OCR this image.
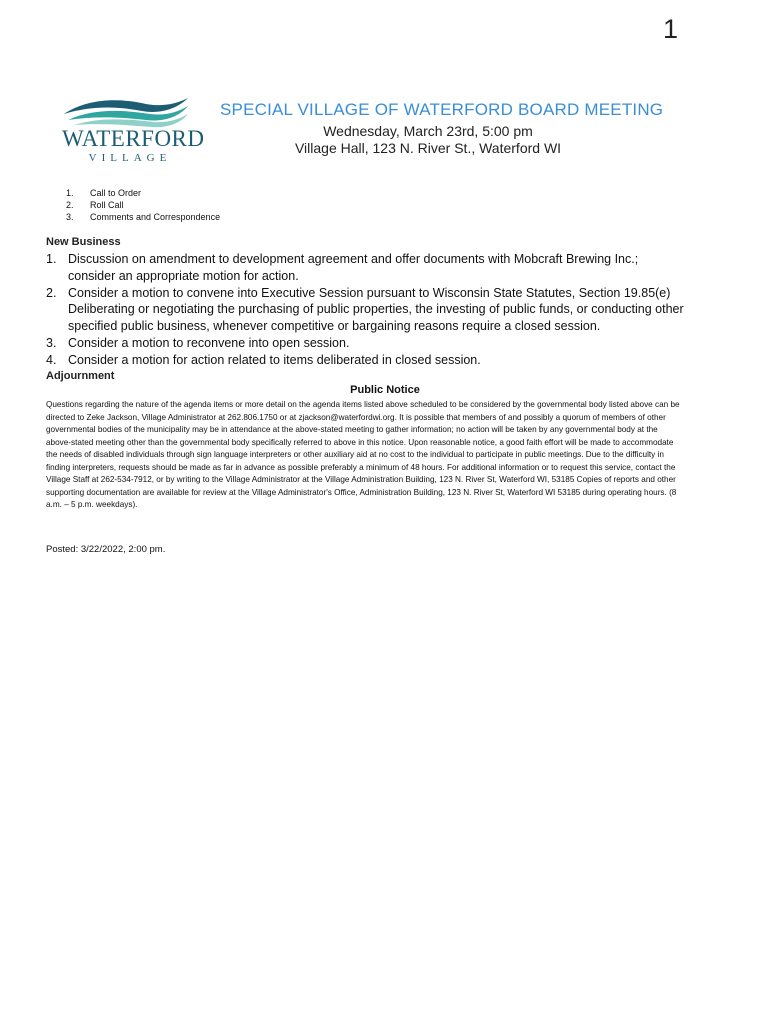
1
WATERFORD
VILLAGE
SPECIAL VILLAGE OF WATERFORD BOARD MEETING
Wednesday, March 23rd, 5:00 pm
Village Hall, 123 N. River St., Waterford WI
1.	Call to Order
2.	Roll Call
3.	Comments and Correspondence
New Business
1. Discussion on amendment to development agreement and offer documents with Mobcraft Brewing Inc.; consider an appropriate motion for action.
2. Consider a motion to convene into Executive Session pursuant to Wisconsin State Statutes, Section 19.85(e) Deliberating or negotiating the purchasing of public properties, the investing of public funds, or conducting other specified public business, whenever competitive or bargaining reasons require a closed session.
3. Consider a motion to reconvene into open session.
4. Consider a motion for action related to items deliberated in closed session.
Adjournment
Public Notice
Questions regarding the nature of the agenda items or more detail on the agenda items listed above scheduled to be considered by the governmental body listed above can be directed to Zeke Jackson, Village Administrator at 262.806.1750 or at zjackson@waterfordwi.org. It is possible that members of and possibly a quorum of members of other governmental bodies of the municipality may be in attendance at the above-stated meeting to gather information; no action will be taken by any governmental body at the above-stated meeting other than the governmental body specifically referred to above in this notice. Upon reasonable notice, a good faith effort will be made to accommodate the needs of disabled individuals through sign language interpreters or other auxiliary aid at no cost to the individual to participate in public meetings. Due to the difficulty in finding interpreters, requests should be made as far in advance as possible preferably a minimum of 48 hours. For additional information or to request this service, contact the Village Staff at 262-534-7912, or by writing to the Village Administrator at the Village Administration Building, 123 N. River St, Waterford WI, 53185 Copies of reports and other supporting documentation are available for review at the Village Administrator's Office, Administration Building, 123 N. River St, Waterford WI 53185 during operating hours. (8 a.m. – 5 p.m. weekdays).
Posted: 3/22/2022, 2:00 pm.
